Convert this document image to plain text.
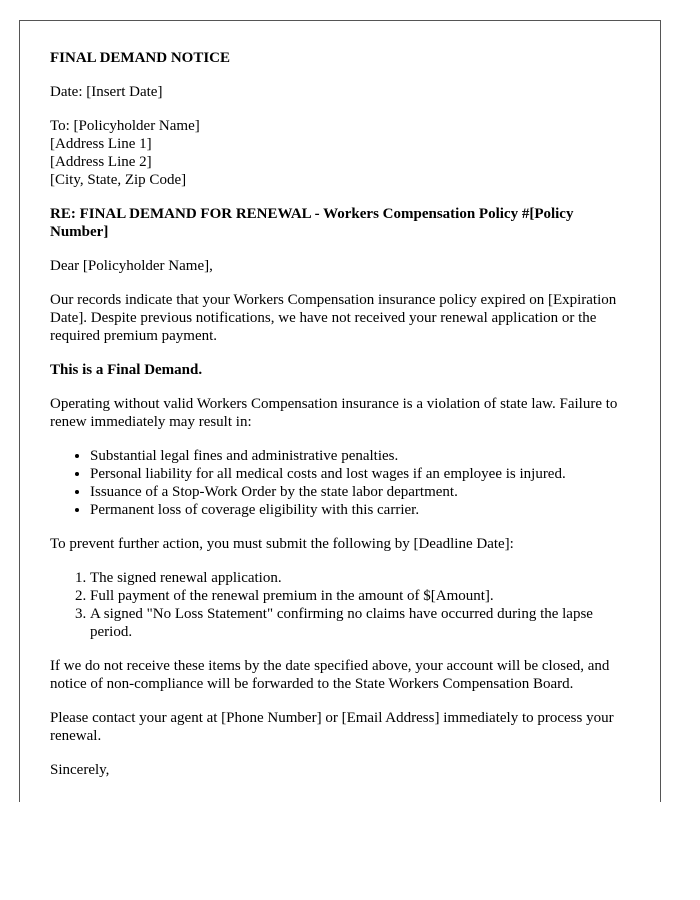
FINAL DEMAND NOTICE

Date: [Insert Date]

To: [Policyholder Name]
[Address Line 1]
[Address Line 2]
[City, State, Zip Code]

RE: FINAL DEMAND FOR RENEWAL - Workers Compensation Policy #[Policy Number]

Dear [Policyholder Name],

Our records indicate that your Workers Compensation insurance policy expired on [Expiration Date]. Despite previous notifications, we have not received your renewal application or the required premium payment.

This is a Final Demand.

Operating without valid Workers Compensation insurance is a violation of state law. Failure to renew immediately may result in:

• Substantial legal fines and administrative penalties.
• Personal liability for all medical costs and lost wages if an employee is injured.
• Issuance of a Stop-Work Order by the state labor department.
• Permanent loss of coverage eligibility with this carrier.

To prevent further action, you must submit the following by [Deadline Date]:

1. The signed renewal application.
2. Full payment of the renewal premium in the amount of $[Amount].
3. A signed "No Loss Statement" confirming no claims have occurred during the lapse period.

If we do not receive these items by the date specified above, your account will be closed, and notice of non-compliance will be forwarded to the State Workers Compensation Board.

Please contact your agent at [Phone Number] or [Email Address] immediately to process your renewal.

Sincerely,
